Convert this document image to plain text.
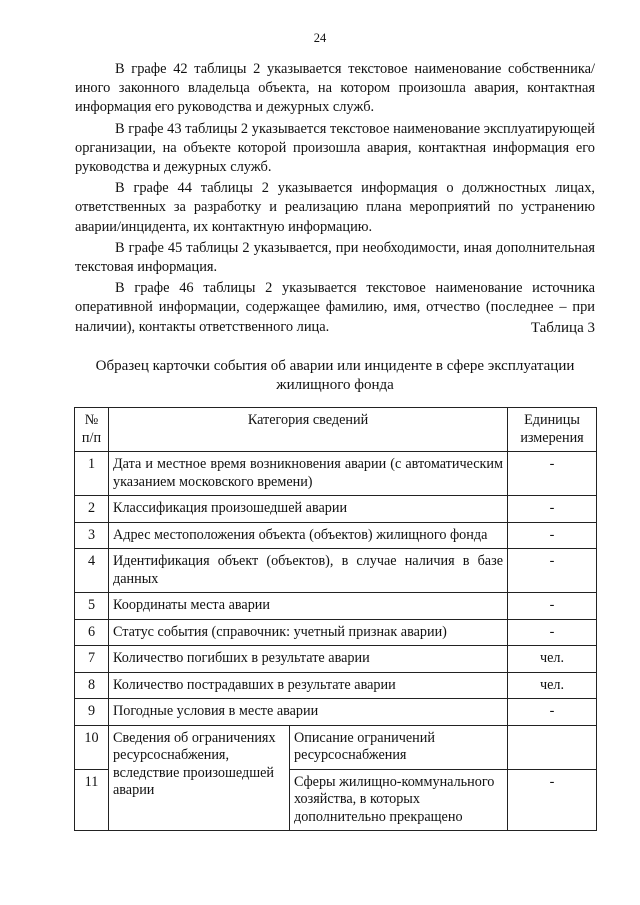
24

В графе 42 таблицы 2 указывается текстовое наименование собственника/иного законного владельца объекта, на котором произошла авария, контактная информация его руководства и дежурных служб.

В графе 43 таблицы 2 указывается текстовое наименование эксплуатирующей организации, на объекте которой произошла авария, контактная информация его руководства и дежурных служб.

В графе 44 таблицы 2 указывается информация о должностных лицах, ответственных за разработку и реализацию плана мероприятий по устранению аварии/инцидента, их контактную информацию.

В графе 45 таблицы 2 указывается, при необходимости, иная дополнительная текстовая информация.

В графе 46 таблицы 2 указывается текстовое наименование источника оперативной информации, содержащее фамилию, имя, отчество (последнее – при наличии), контакты ответственного лица.	Таблица 3
Образец карточки события об аварии или инциденте в сфере эксплуатации жилищного фонда
№ п/п	Категория сведений		Единицы измерения
1	Дата и местное время возникновения аварии (с автоматическим указанием московского времени)		-
2	Классификация произошедшей аварии		-
3	Адрес местоположения объекта (объектов) жилищного фонда		-
4	Идентификация объект (объектов), в случае наличия в базе данных		-
5	Координаты места аварии		-
6	Статус события (справочник: учетный признак аварии)		-
7	Количество погибших в результате аварии		чел.
8	Количество пострадавших в результате аварии		чел.
9	Погодные условия в месте аварии		-
10	Сведения об ограничениях ресурсоснабжения, вследствие произошедшей аварии	Описание ограничений ресурсоснабжения	
11		Сферы жилищно-коммунального хозяйства, в которых дополнительно прекращено	-
